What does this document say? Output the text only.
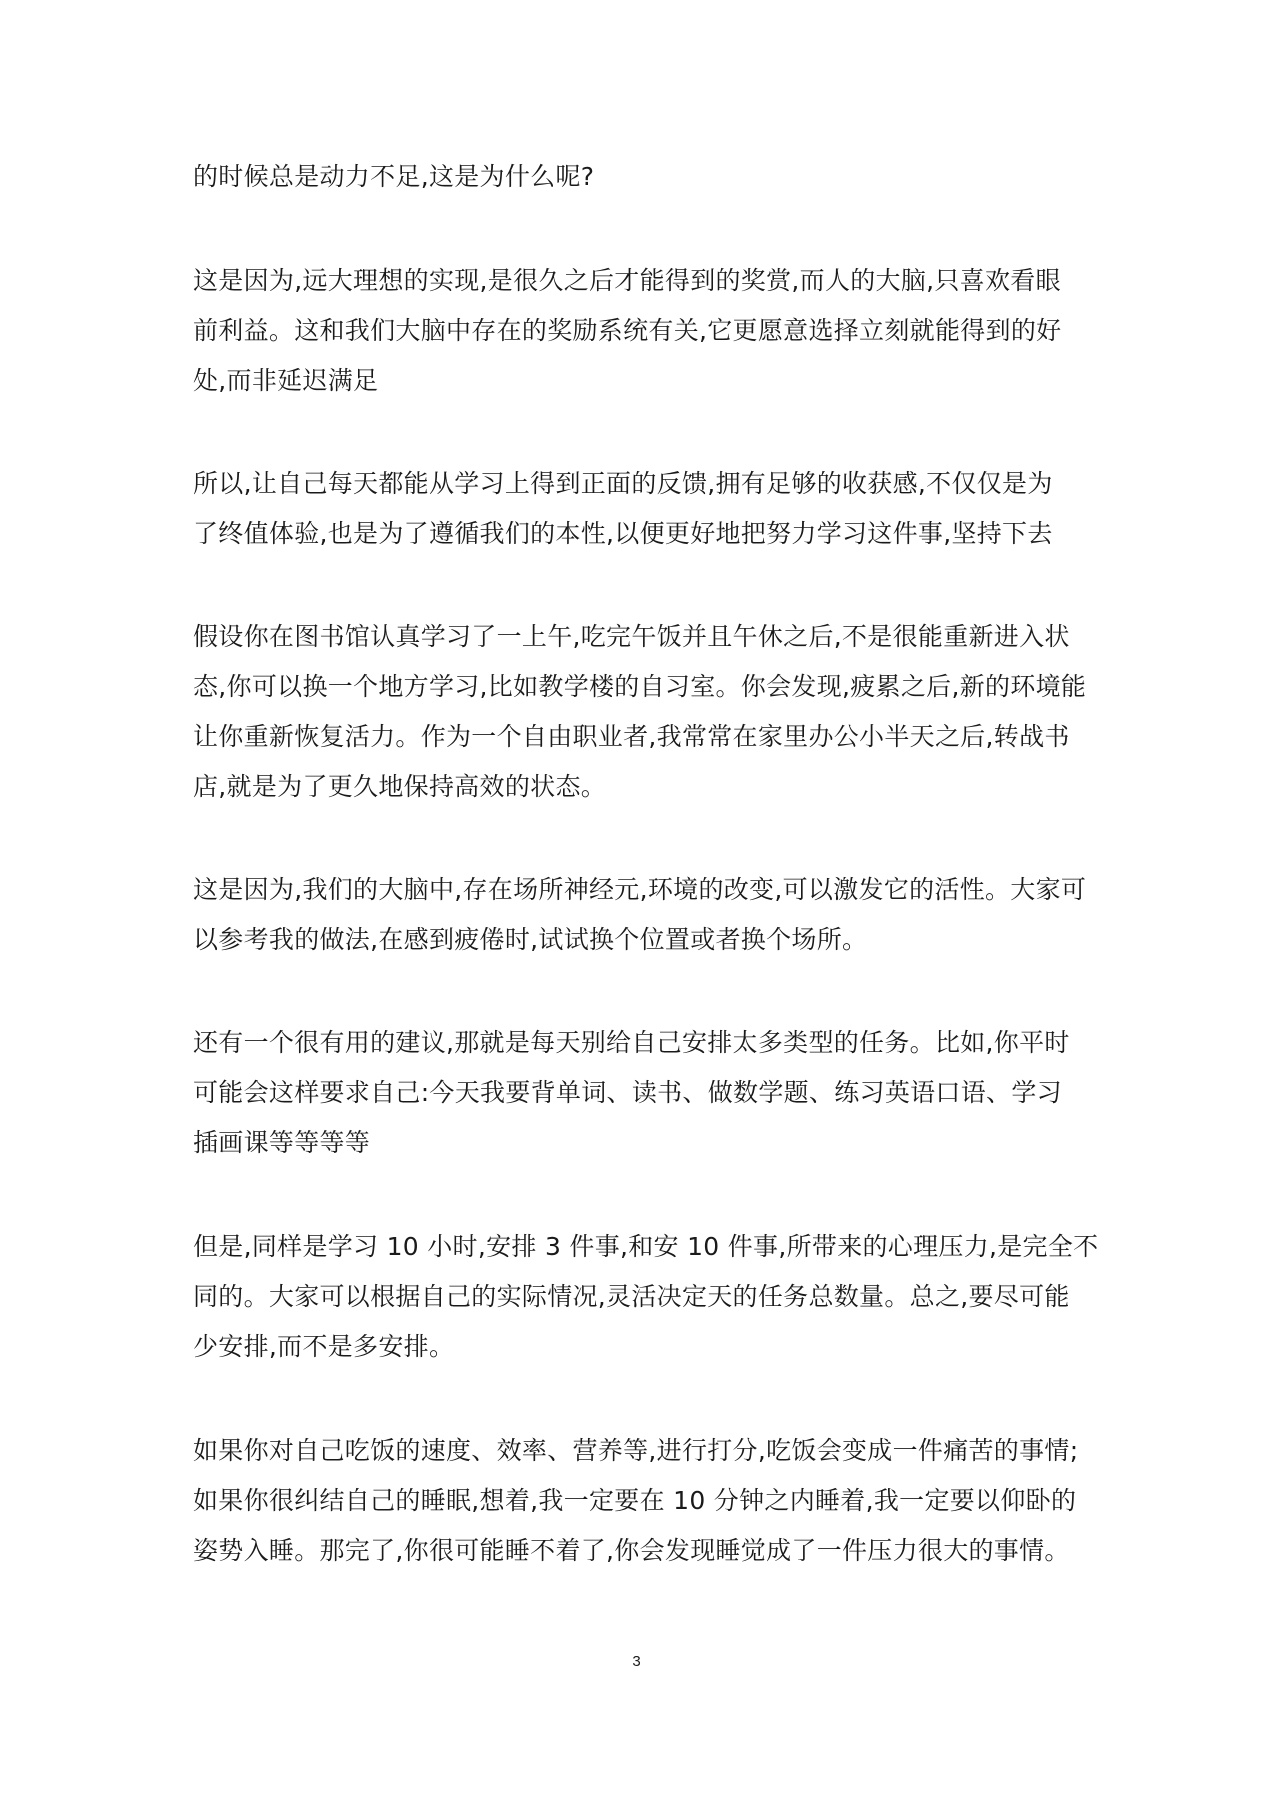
的时候总是动力不足,这是为什么呢?

这是因为,远大理想的实现,是很久之后才能得到的奖赏,而人的大脑,只喜欢看眼

前利益。这和我们大脑中存在的奖励系统有关,它更愿意选择立刻就能得到的好

处,而非延迟满足

所以,让自己每天都能从学习上得到正面的反馈,拥有足够的收获感,不仅仅是为

了终值体验,也是为了遵循我们的本性,以便更好地把努力学习这件事,坚持下去

假设你在图书馆认真学习了一上午,吃完午饭并且午休之后,不是很能重新进入状

态,你可以换一个地方学习,比如教学楼的自习室。你会发现,疲累之后,新的环境能

让你重新恢复活力。作为一个自由职业者,我常常在家里办公小半天之后,转战书

店,就是为了更久地保持高效的状态。

这是因为,我们的大脑中,存在场所神经元,环境的改变,可以激发它的活性。大家可

以参考我的做法,在感到疲倦时,试试换个位置或者换个场所。

还有一个很有用的建议,那就是每天别给自己安排太多类型的任务。比如,你平时

可能会这样要求自己:今天我要背单词、读书、做数学题、练习英语口语、学习

插画课等等等等

但是,同样是学习 10 小时,安排 3 件事,和安 10 件事,所带来的心理压力,是完全不

同的。大家可以根据自己的实际情况,灵活决定天的任务总数量。总之,要尽可能

少安排,而不是多安排。

如果你对自己吃饭的速度、效率、营养等,进行打分,吃饭会变成一件痛苦的事情;

如果你很纠结自己的睡眠,想着,我一定要在 10 分钟之内睡着,我一定要以仰卧的

姿势入睡。那完了,你很可能睡不着了,你会发现睡觉成了一件压力很大的事情。

3
